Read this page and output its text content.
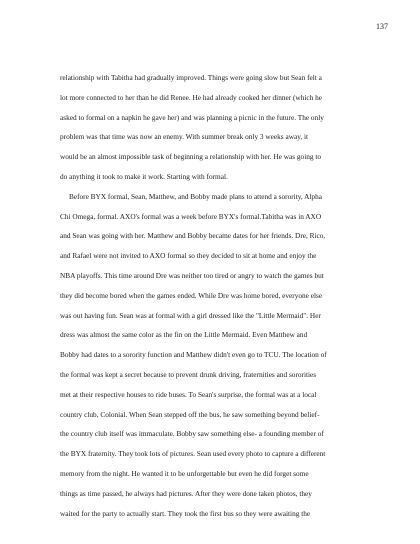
137

relationship with Tabitha had gradually improved. Things were going slow but Sean felt a
lot more connected to her than he did Renee. He had already cooked her dinner (which he
asked to formal on a napkin he gave her) and was planning a picnic in the future. The only
problem was that time was now an enemy. With summer break only 3 weeks away, it
would be an almost impossible task of beginning a relationship with her. He was going to
do anything it took to make it work. Starting with formal.
Before BYX formal, Sean, Matthew, and Bobby made plans to attend a sorority, Alpha
Chi Omega, formal. AXO's formal was a week before BYX's formal.Tabitha was in AXO
and Sean was going with her. Matthew and Bobby became dates for her friends. Dre, Rico,
and Rafael were not invited to AXO formal so they decided to sit at home and enjoy the
NBA playoffs. This time around Dre was neither too tired or angry to watch the games but
they did become bored when the games ended. While Dre was home bored, everyone else
was out having fun. Sean was at formal with a girl dressed like the "Little Mermaid". Her
dress was almost the same color as the fin on the Little Mermaid. Even Matthew and
Bobby had dates to a sorority function and Matthew didn't even go to TCU. The location of
the formal was kept a secret because to prevent drunk driving, fraternities and sororities
met at their respective houses to ride buses. To Sean's surprise, the formal was at a local
country club, Colonial. When Sean stepped off the bus, he saw something beyond belief-
the country club itself was immaculate. Bobby saw something else- a founding member of
the BYX fraternity. They took lots of pictures. Sean used every photo to capture a different
memory from the night. He wanted it to be unforgettable but even he did forget some
things as time passed, he always had pictures. After they were done taken photos, they
waited for the party to actually start. They took the first bus so they were awaiting the
